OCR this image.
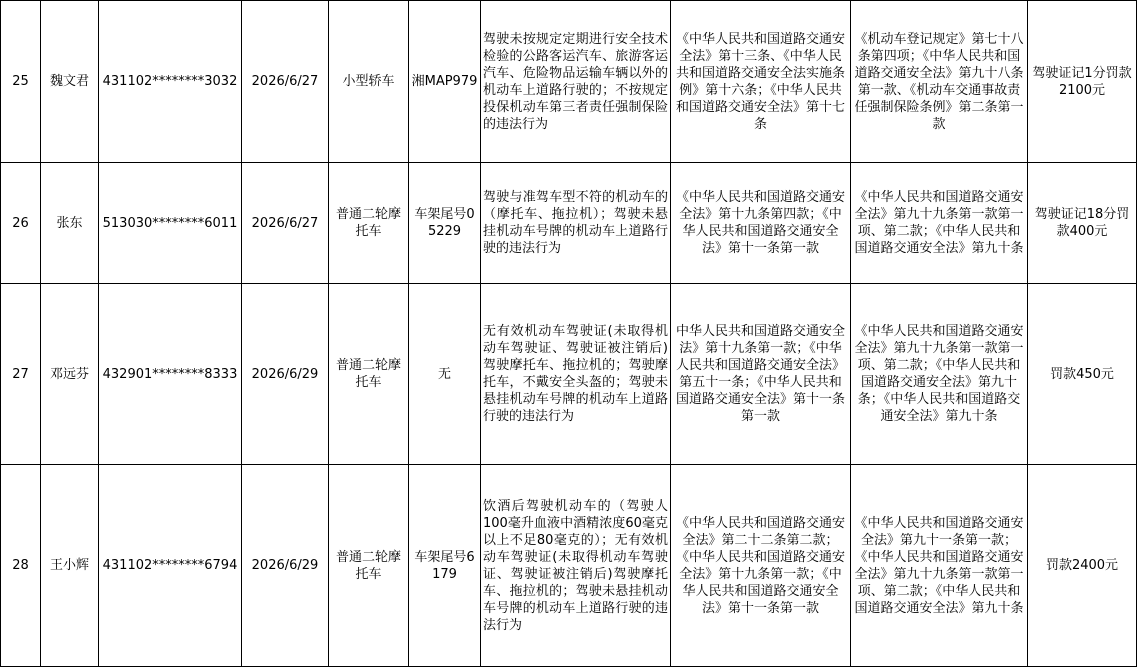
25	魏文君	431102********3032	2026/6/27	小型轿车	湘MAP979	驾驶未按规定定期进行安全技术检验的公路客运汽车、旅游客运汽车、危险物品运输车辆以外的机动车上道路行驶的；不按规定投保机动车第三者责任强制保险的违法行为	《中华人民共和国道路交通安全法》第十三条、《中华人民共和国道路交通安全法实施条例》第十六条；《中华人民共和国道路交通安全法》第十七条	《机动车登记规定》第七十八条第四项；《中华人民共和国道路交通安全法》第九十八条第一款、《机动车交通事故责任强制保险条例》第二条第一款	驾驶证记1分罚款2100元

26	张东	513030********6011	2026/6/27	普通二轮摩托车	车架尾号05229	驾驶与准驾车型不符的机动车的（摩托车、拖拉机）；驾驶未悬挂机动车号牌的机动车上道路行驶的违法行为	《中华人民共和国道路交通安全法》第十九条第四款；《中华人民共和国道路交通安全法》第十一条第一款	《中华人民共和国道路交通安全法》第九十九条第一款第一项、第二款；《中华人民共和国道路交通安全法》第九十条	驾驶证记18分罚款400元

27	邓远芬	432901********8333	2026/6/29	普通二轮摩托车	无	无有效机动车驾驶证(未取得机动车驾驶证、驾驶证被注销后)驾驶摩托车、拖拉机的；驾驶摩托车，不戴安全头盔的；驾驶未悬挂机动车号牌的机动车上道路行驶的违法行为	中华人民共和国道路交通安全法》第十九条第一款；《中华人民共和国道路交通安全法》第五十一条；《中华人民共和国道路交通安全法》第十一条第一款	《中华人民共和国道路交通安全法》第九十九条第一款第一项、第二款；《中华人民共和国道路交通安全法》第九十条；《中华人民共和国道路交通安全法》第九十条	罚款450元

28	王小辉	431102********6794	2026/6/29	普通二轮摩托车	车架尾号6179	饮酒后驾驶机动车的（驾驶人100毫升血液中酒精浓度60毫克以上不足80毫克的）；无有效机动车驾驶证(未取得机动车驾驶证、驾驶证被注销后)驾驶摩托车、拖拉机的；驾驶未悬挂机动车号牌的机动车上道路行驶的违法行为	《中华人民共和国道路交通安全法》第二十二条第二款；《中华人民共和国道路交通安全法》第十九条第一款；《中华人民共和国道路交通安全法》第十一条第一款	《中华人民共和国道路交通安全法》第九十一条第一款；《中华人民共和国道路交通安全法》第九十九条第一款第一项、第二款；《中华人民共和国道路交通安全法》第九十条	罚款2400元
